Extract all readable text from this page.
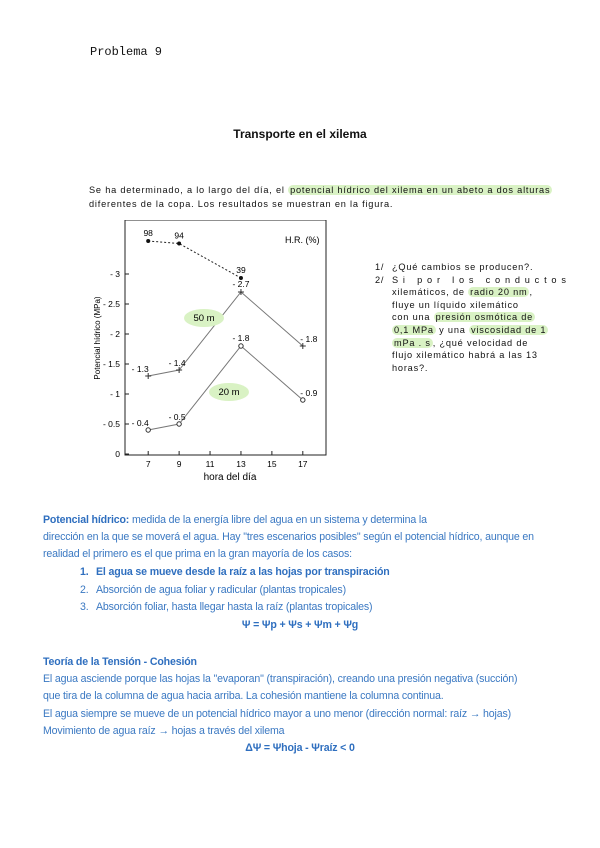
Problema 9
Transporte en el xilema
Se ha determinado, a lo largo del día, el potencial hídrico del xilema en un abeto a dos alturas
diferentes de la copa. Los resultados se muestran en la figura.
0
- 0.5
- 1
- 1.5
- 2
- 2.5
- 3
7	9	11	13	15	17
Potencial hídrico (MPa)
hora del día
H.R. (%)
98	94
39
- 1.3
- 1.4
- 2.7
- 1.8
- 0.4
- 0.5
- 1.8
- 0.9
50 m
20 m
1/ ¿Qué cambios se producen?.
2/ Si por los conductos
xilemáticos, de radio 20 nm ,
fluye un líquido xilemático
con una presión osmótica de
0,1 MPa y una viscosidad de 1
mPa . s , ¿qué velocidad de
flujo xilemático habrá a las 13
horas?.
Potencial hídrico: medida de la energía libre del agua en un sistema y determina la
dirección en la que se moverá el agua. Hay "tres escenarios posibles" según el potencial hídrico, aunque en
realidad el primero es el que prima en la gran mayoría de los casos:
1. El agua se mueve desde la raíz a las hojas por transpiración
2. Absorción de agua foliar y radicular (plantas tropicales)
3. Absorción foliar, hasta llegar hasta la raíz (plantas tropicales)
Ψ = Ψp + Ψs + Ψm + Ψg
Teoría de la Tensión - Cohesión
El agua asciende porque las hojas la "evaporan" (transpiración), creando una presión negativa (succión)
que tira de la columna de agua hacia arriba. La cohesión mantiene la columna continua.
El agua siempre se mueve de un potencial hídrico mayor a uno menor (dirección normal: raíz → hojas)
Movimiento de agua raíz → hojas a través del xilema
ΔΨ = Ψhoja - Ψraíz < 0
